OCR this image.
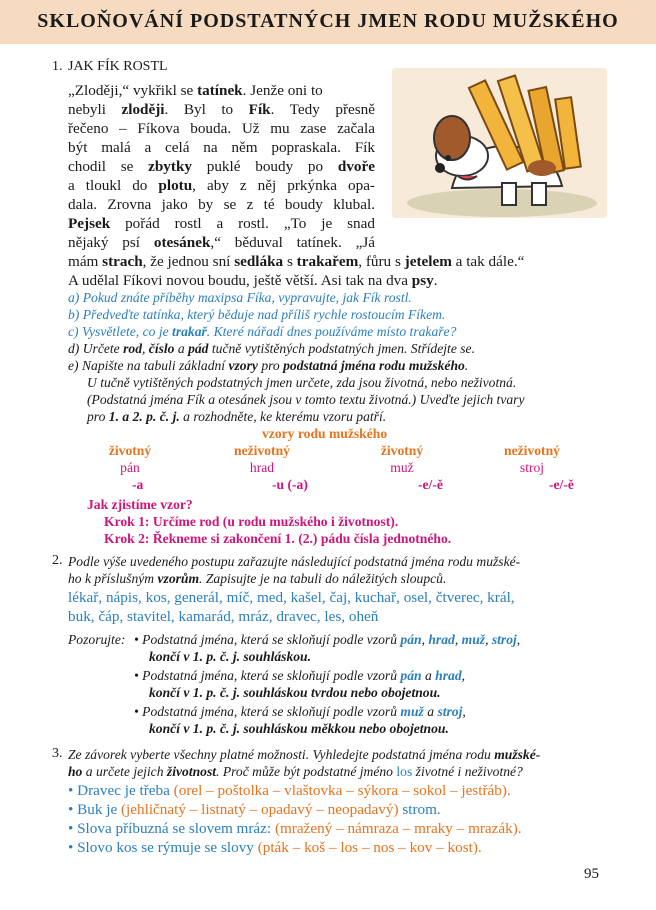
SKLOŇOVÁNÍ PODSTATNÝCH JMEN RODU MUŽSKÉHO
1. JAK FÍK ROSTL
„Zloději,“ vykřikl se tatínek. Jenže oni to
nebyli zloději. Byl to Fík. Tedy přesně
řečeno – Fíkova bouda. Už mu zase začala
být malá a celá na něm popraskala. Fík
chodil se zbytky puklé boudy po dvoře
a tloukl do plotu, aby z něj prkýnka opa-
dala. Zrovna jako by se z té boudy klubal.
Pejsek pořád rostl a rostl. „To je snad
nějaký psí otesánek,“ běduval tatínek. „Já
mám strach, že jednou sní sedláka s trakařem, fůru s jetelem a tak dále.“
A udělal Fíkovi novou boudu, ještě větší. Asi tak na dva psy.
a) Pokud znáte příběhy maxipsa Fíka, vypravujte, jak Fík rostl.
b) Předveďte tatínka, který běduje nad příliš rychle rostoucím Fíkem.
c) Vysvětlete, co je trakař. Které nářadí dnes používáme místo trakaře?
d) Určete rod, číslo a pád tučně vytištěných podstatných jmen. Střídejte se.
e) Napište na tabuli základní vzory pro podstatná jména rodu mužského.
U tučně vytištěných podstatných jmen určete, zda jsou životná, nebo neživotná.
(Podstatná jména Fík a otesánek jsou v tomto textu životná.) Uveďte jejich tvary
pro 1. a 2. p. č. j. a rozhodněte, ke kterému vzoru patří.
vzory rodu mužského
životný	neživotný	životný	neživotný
pán	hrad	muž	stroj
-a	-u (-a)	-e/-ě	-e/-ě
Jak zjistíme vzor?
Krok 1: Určíme rod (u rodu mužského i životnost).
Krok 2: Řekneme si zakončení 1. (2.) pádu čísla jednotného.
2. Podle výše uvedeného postupu zařazujte následující podstatná jména rodu mužské-
ho k příslušným vzorům. Zapisujte je na tabuli do náležitých sloupců.
lékař, nápis, kos, generál, míč, med, kašel, čaj, kuchař, osel, čtverec, král,
buk, čáp, stavitel, kamarád, mráz, dravec, les, oheň
Pozorujte:
• Podstatná jména, která se skloňují podle vzorů pán, hrad, muž, stroj,
končí v 1. p. č. j. souhláskou.
• Podstatná jména, která se skloňují podle vzorů pán a hrad,
končí v 1. p. č. j. souhláskou tvrdou nebo obojetnou.
• Podstatná jména, která se skloňují podle vzorů muž a stroj,
končí v 1. p. č. j. souhláskou měkkou nebo obojetnou.
3. Ze závorek vyberte všechny platné možnosti. Vyhledejte podstatná jména rodu mužské-
ho a určete jejich životnost. Proč může být podstatné jméno los životné i neživotné?
• Dravec je třeba (orel – poštolka – vlaštovka – sýkora – sokol – jestřáb).
• Buk je (jehličnatý – listnatý – opadavý – neopadavý) strom.
• Slova příbuzná se slovem mráz: (mražený – námraza – mraky – mrazák).
• Slovo kos se rýmuje se slovy (pták – koš – los – nos – kov – kost).
95
